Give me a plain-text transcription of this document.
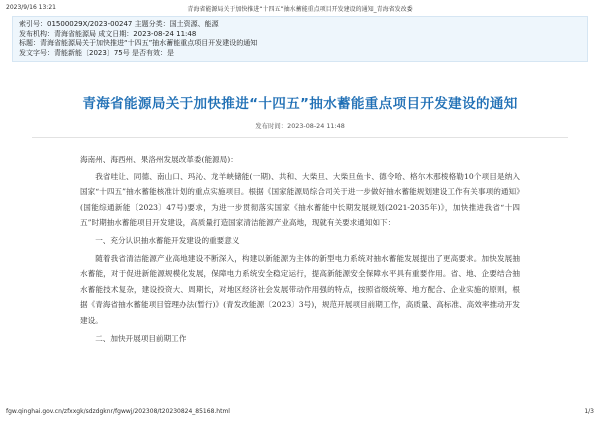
2023/9/16 13:21	青海省能源局关于加快推进“十四五”抽水蓄能重点项目开发建设的通知_青海省发改委
索引号：01500029X/2023-00247 主题分类：国土资源、能源
发布机构：青海省能源局 成文日期：2023-08-24 11:48
标题：青海省能源局关于加快推进“十四五”抽水蓄能重点项目开发建设的通知
发文字号：青能新能〔2023〕75号 是否有效：是
青海省能源局关于加快推进“十四五”抽水蓄能重点项目开发建设的通知
发布时间：2023-08-24 11:48

海南州、海西州、果洛州发展改革委(能源局)：

我省哇让、同德、南山口、玛沁、龙羊峡储能(一期)、共和、大柴旦、大柴旦鱼卡、德令哈、格尔木那棱格勒10个项目是纳入国家“十四五”抽水蓄能核准计划的重点实施项目。根据《国家能源局综合司关于进一步做好抽水蓄能规划建设工作有关事项的通知》(国能综通新能〔2023〕47号)要求，为进一步贯彻落实国家《抽水蓄能中长期发展规划(2021-2035年)》，加快推进我省“十四五”时期抽水蓄能项目开发建设，高质量打造国家清洁能源产业高地，现就有关要求通知如下：

一、充分认识抽水蓄能开发建设的重要意义

随着我省清洁能源产业高地建设不断深入，构建以新能源为主体的新型电力系统对抽水蓄能发展提出了更高要求。加快发展抽水蓄能，对于促进新能源规模化发展，保障电力系统安全稳定运行，提高新能源安全保障水平具有重要作用。省、地、企要结合抽水蓄能技术复杂，建设投资大、周期长，对地区经济社会发展带动作用强的特点，按照省级统筹、地方配合、企业实施的原则，根据《青海省抽水蓄能项目管理办法(暂行)》(青发改能源〔2023〕3号)，规范开展项目前期工作，高质量、高标准、高效率推动开发建设。

二、加快开展项目前期工作

fgw.qinghai.gov.cn/zfxxgk/sdzdgknr/fgwwj/202308/t20230824_85168.html	1/3
